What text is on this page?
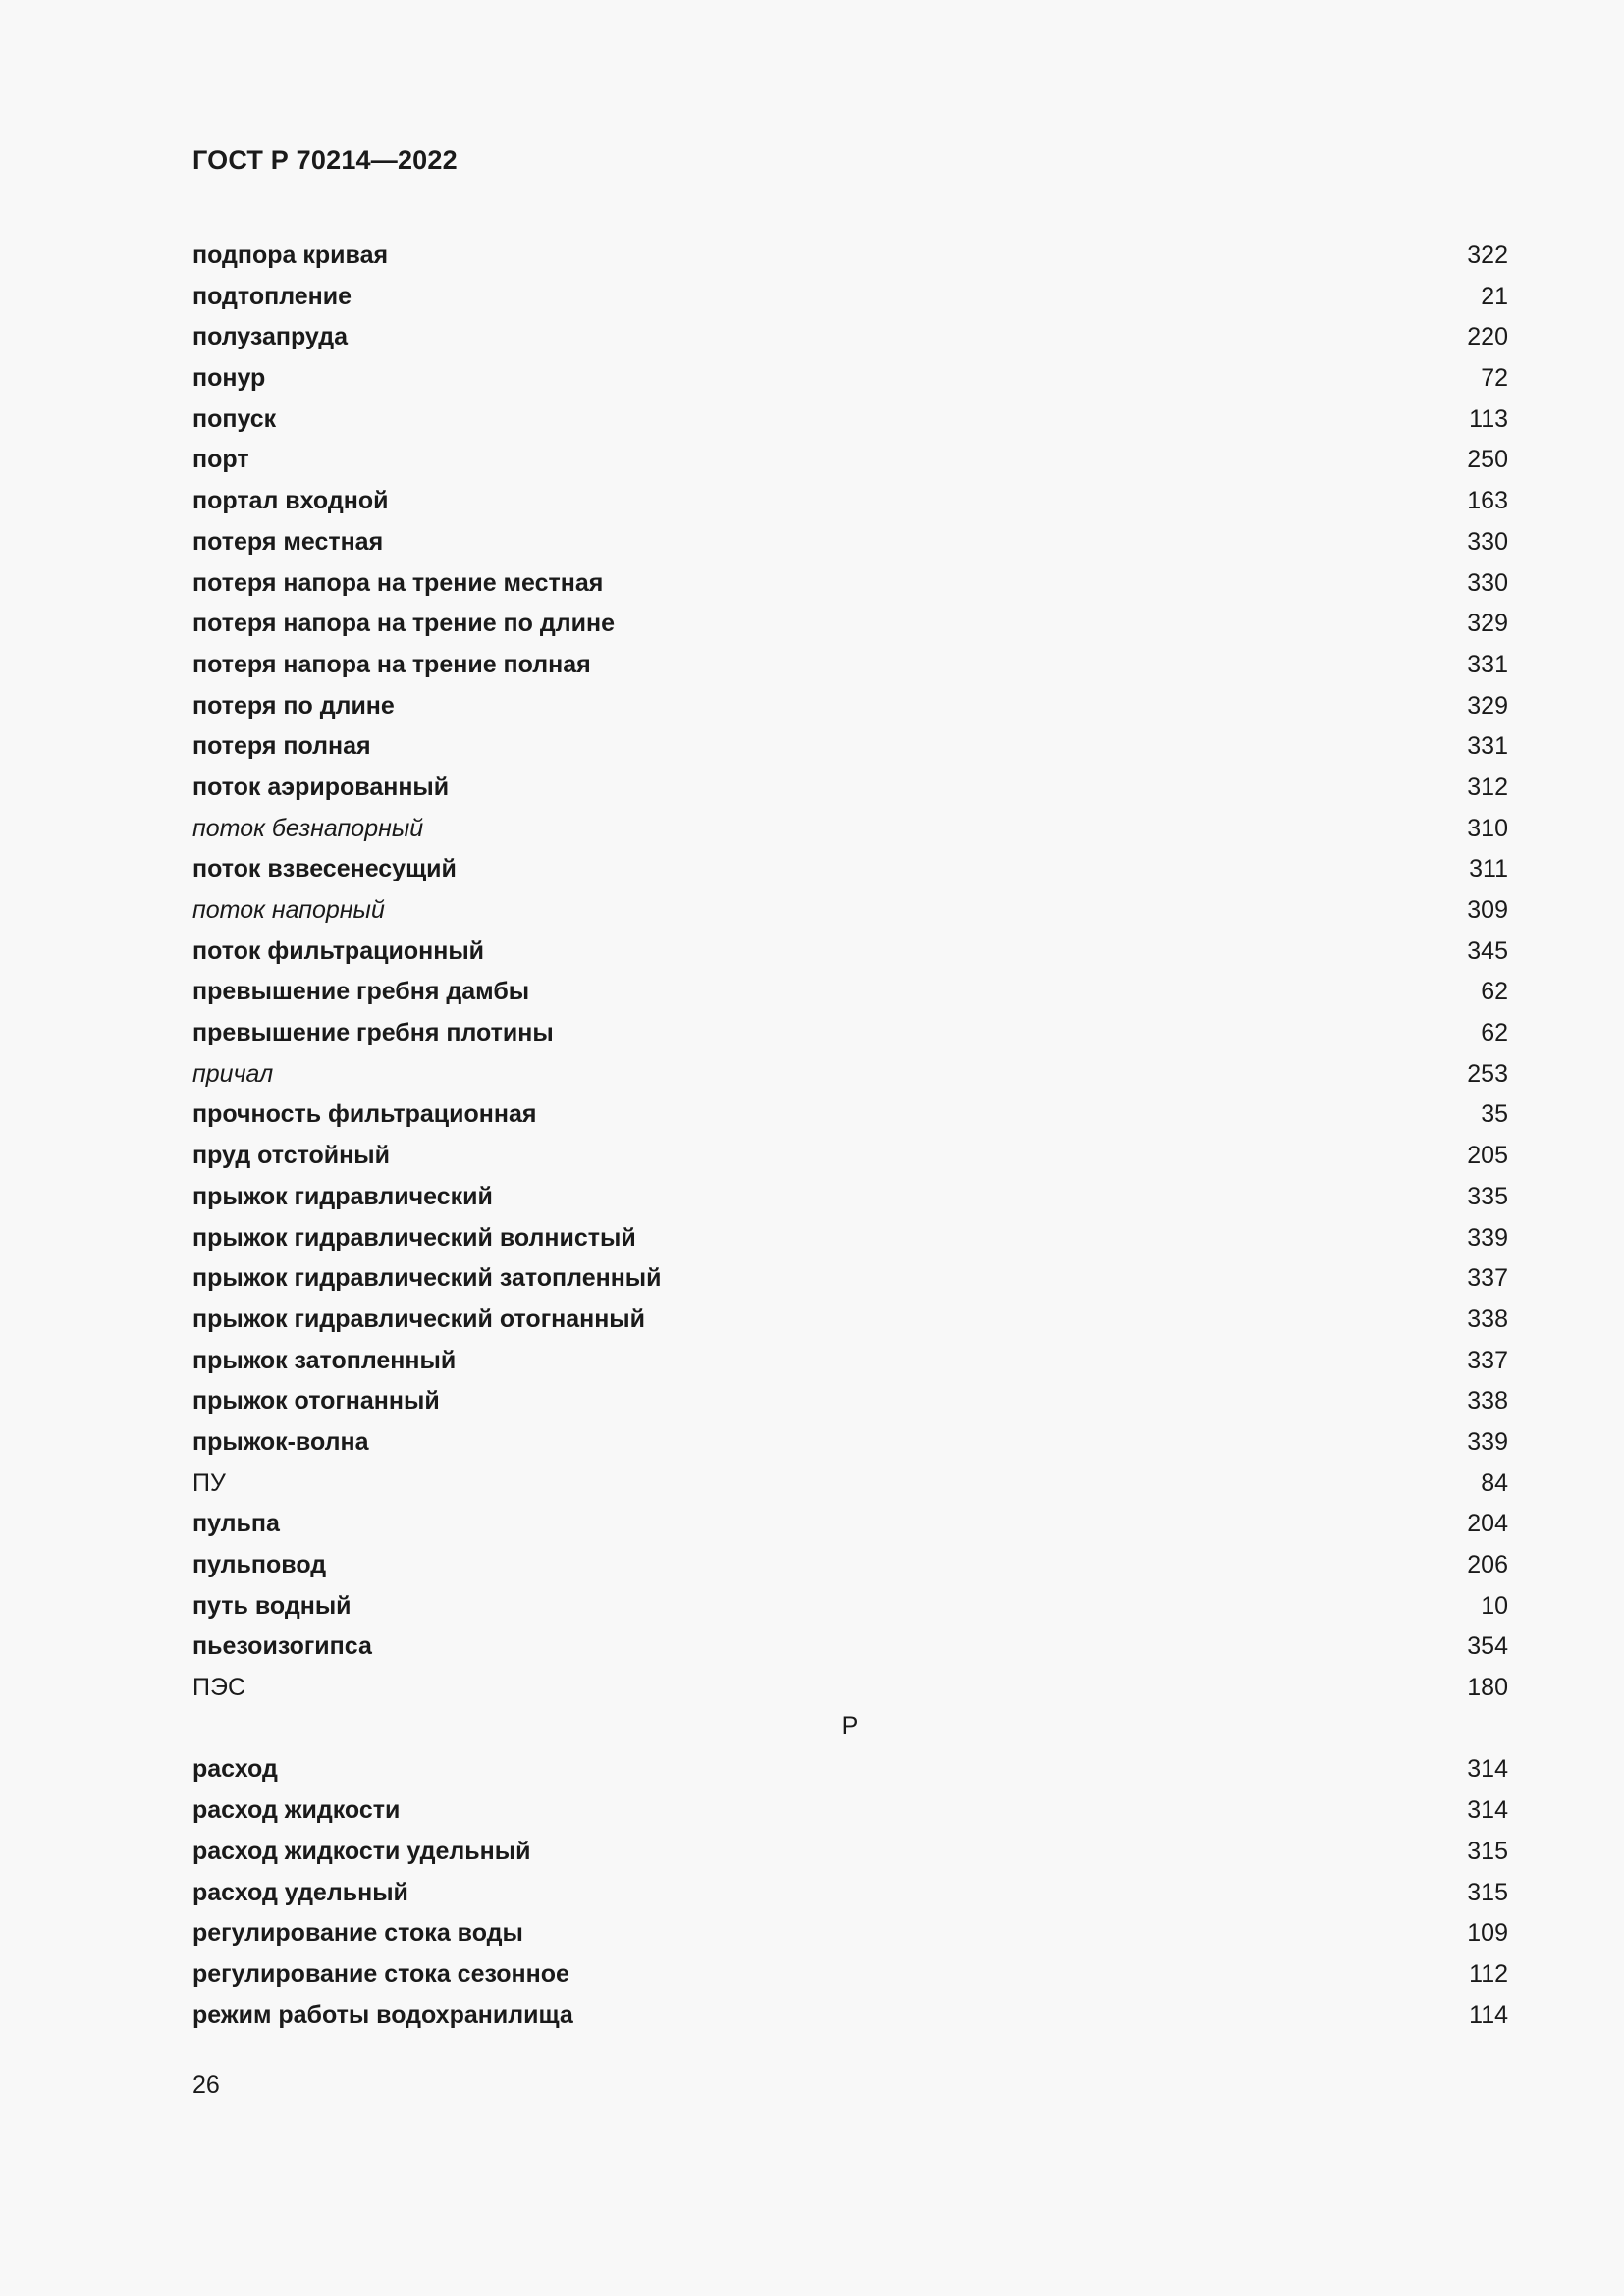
ГОСТ Р 70214—2022
подпора кривая	322
подтопление	21
полузапруда	220
понур	72
попуск	113
порт	250
портал входной	163
потеря местная	330
потеря напора на трение местная	330
потеря напора на трение по длине	329
потеря напора на трение полная	331
потеря по длине	329
потеря полная	331
поток аэрированный	312
поток безнапорный	310
поток взвесенесущий	311
поток напорный	309
поток фильтрационный	345
превышение гребня дамбы	62
превышение гребня плотины	62
причал	253
прочность фильтрационная	35
пруд отстойный	205
прыжок гидравлический	335
прыжок гидравлический волнистый	339
прыжок гидравлический затопленный	337
прыжок гидравлический отогнанный	338
прыжок затопленный	337
прыжок отогнанный	338
прыжок-волна	339
ПУ	84
пульпа	204
пульповод	206
путь водный	10
пьезоизогипса	354
ПЭС	180
Р
расход	314
расход жидкости	314
расход жидкости удельный	315
расход удельный	315
регулирование стока воды	109
регулирование стока сезонное	112
режим работы водохранилища	114
26
